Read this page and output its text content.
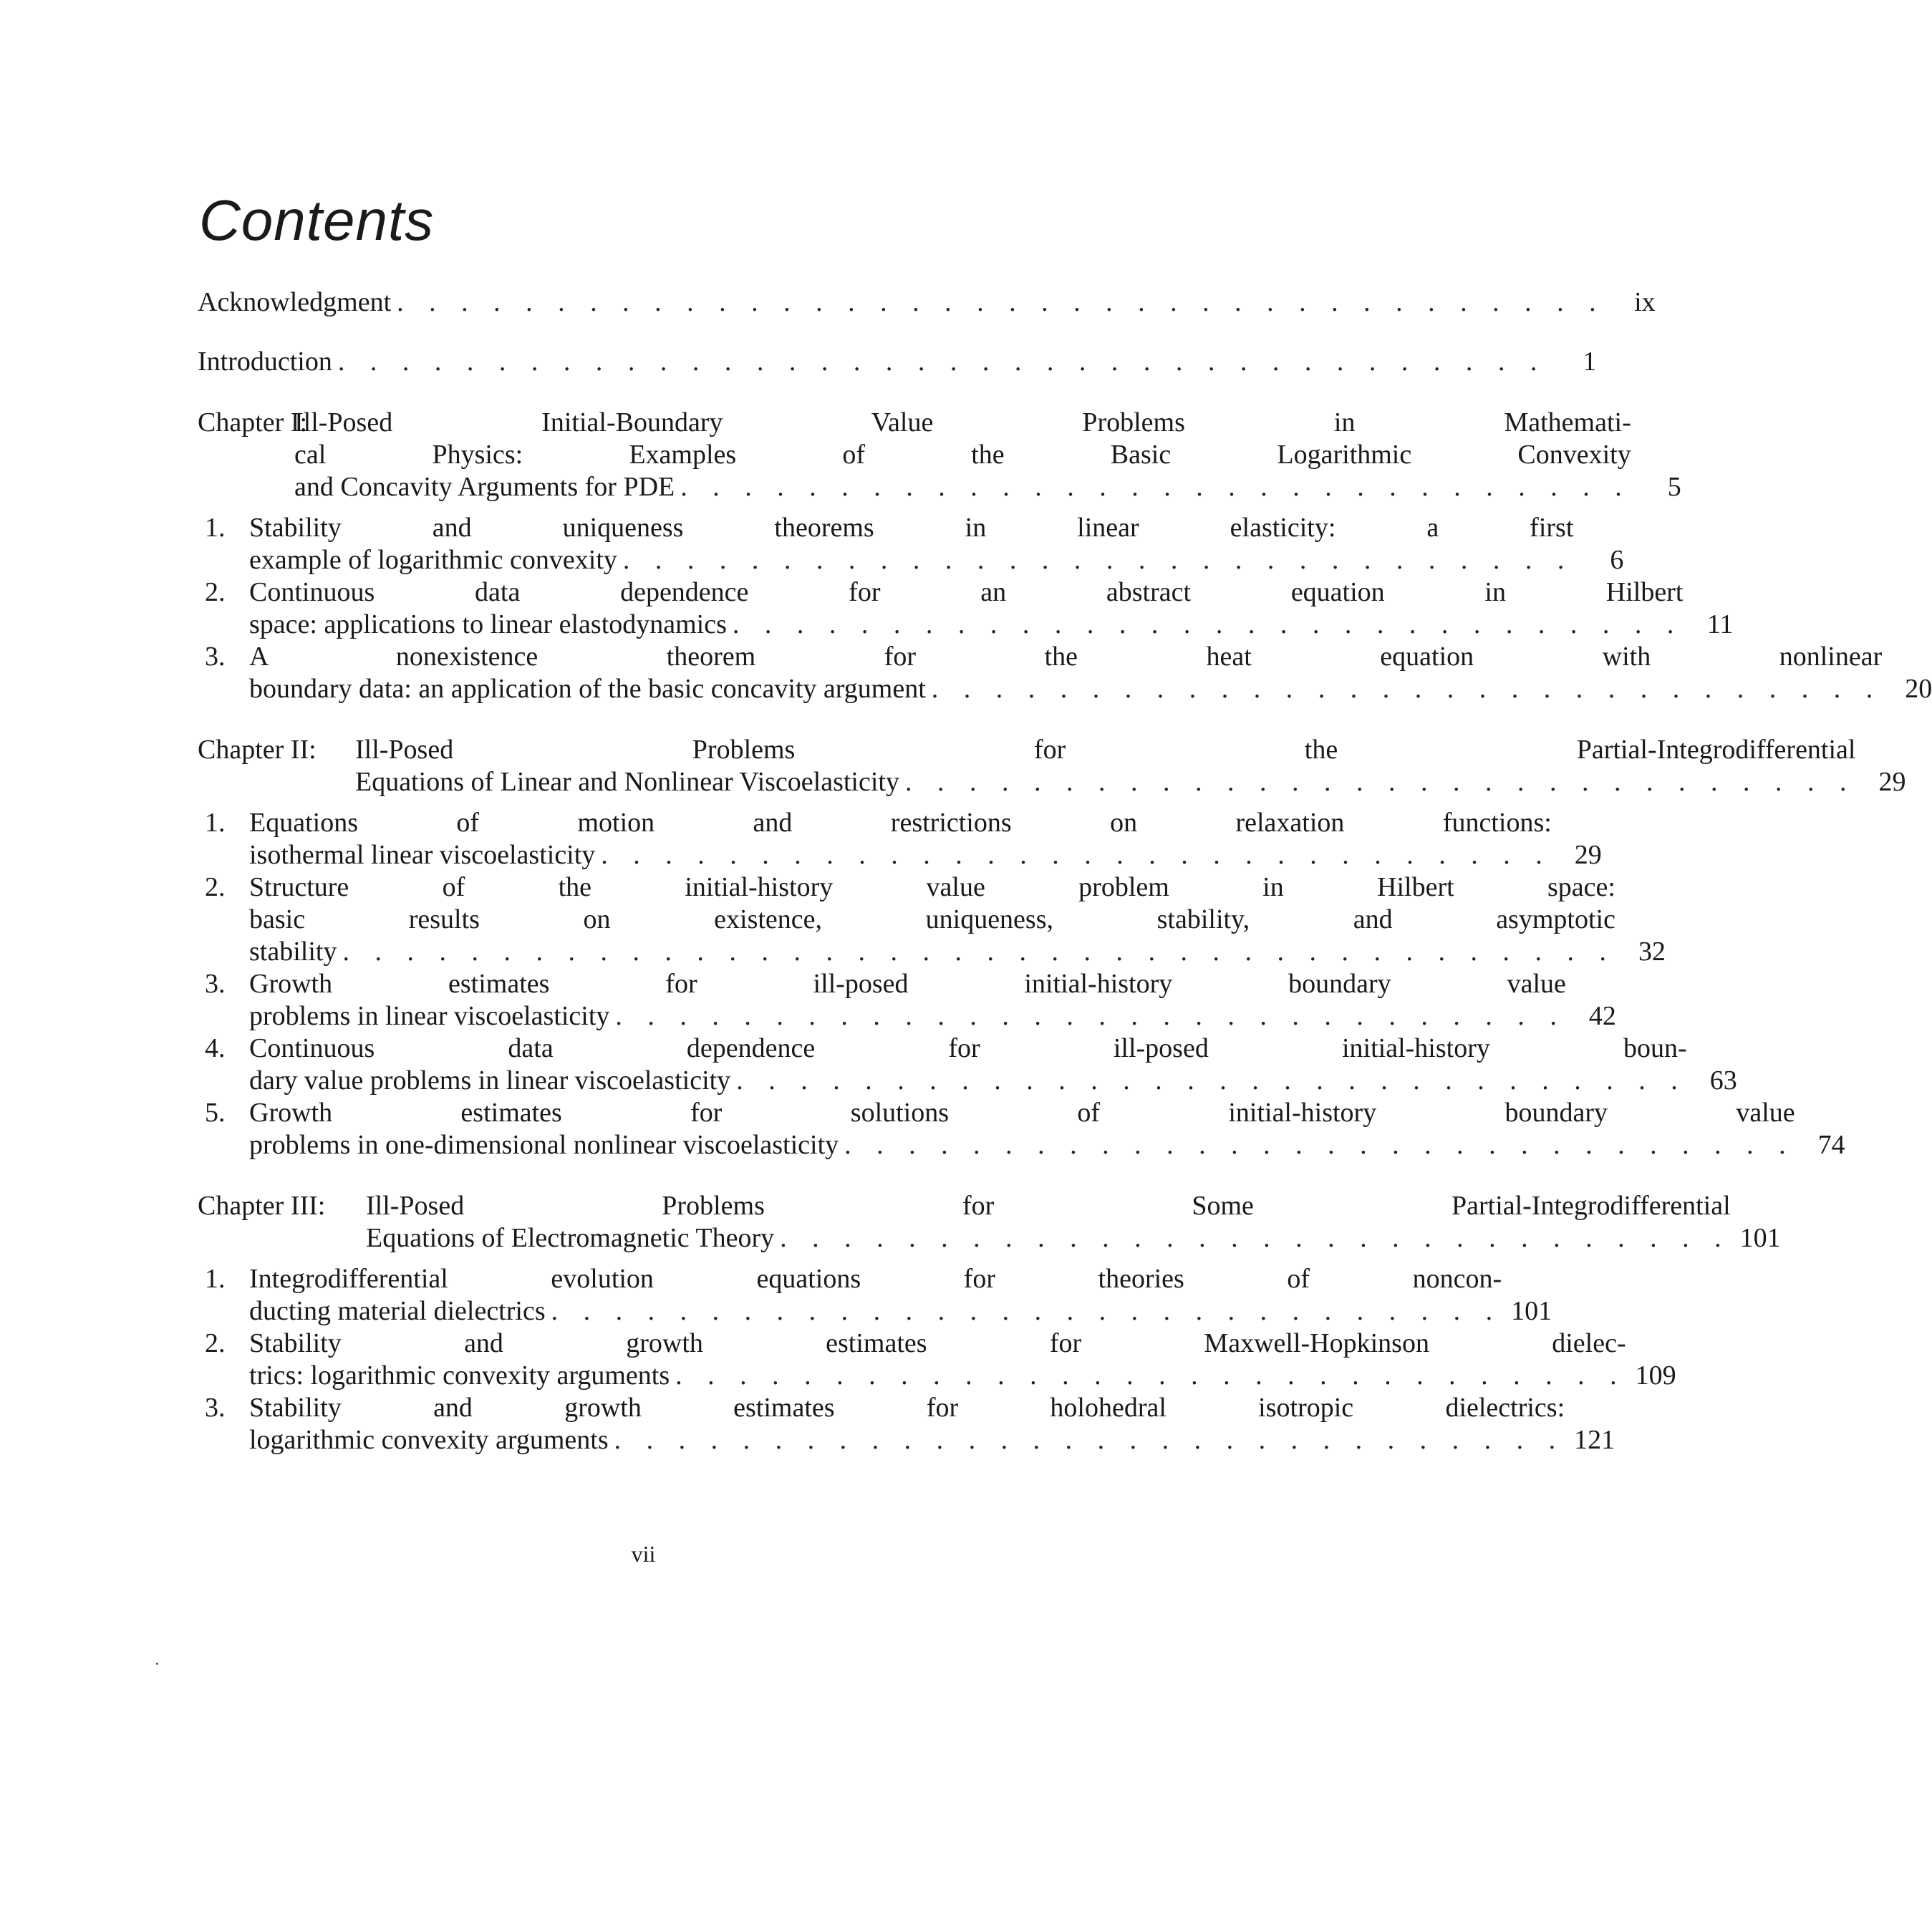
Contents
Acknowledgment . . . . . . . . . . . . . . . . . . . . . . . . . . . . . . . . . . . . . .	ix
Introduction . . . . . . . . . . . . . . . . . . . . . . . . . . . . . . . . . . . . . .	1
Chapter I:
Ill-Posed Initial-Boundary Value Problems in Mathemati-
cal Physics: Examples of the Basic Logarithmic Convexity
and Concavity Arguments for PDE . . . . . . . . . . . . . . . . . . . . . . . . . . . . . .	5
1. Stability and uniqueness theorems in linear elasticity: a first
example of logarithmic convexity . . . . . . . . . . . . . . . . . . . . . . . . . . . . . .	6
2. Continuous data dependence for an abstract equation in Hilbert
space: applications to linear elastodynamics . . . . . . . . . . . . . . . . . . . . . . . . . . . . . . 11
3. A nonexistence theorem for the heat equation with nonlinear
boundary data: an application of the basic concavity argument . . . . . . . . . . . . . . . . . . . . . . . . . . . . . . 20
Chapter II:	Ill-Posed Problems for the Partial-Integrodifferential
Equations of Linear and Nonlinear Viscoelasticity . . . . . . . . . . . . . . . . . . . . . . . . . . . . . . 29
1. Equations of motion and restrictions on relaxation functions:
isothermal linear viscoelasticity . . . . . . . . . . . . . . . . . . . . . . . . . . . . . . 29
2. Structure of the initial-history value problem in Hilbert space:
basic results on existence, uniqueness, stability, and asymptotic
stability . . . . . . . . . . . . . . . . . . . . . . . . . . . . . . . . . . . . . . . . 32
3. Growth estimates for ill-posed initial-history boundary value
problems in linear viscoelasticity . . . . . . . . . . . . . . . . . . . . . . . . . . . . . . 42
4. Continuous data dependence for ill-posed initial-history boun-
dary value problems in linear viscoelasticity . . . . . . . . . . . . . . . . . . . . . . . . . . . . . . 63
5. Growth estimates for solutions of initial-history boundary value
problems in one-dimensional nonlinear viscoelasticity . . . . . . . . . . . . . . . . . . . . . . . . . . . . . . 74
Chapter III:	Ill-Posed Problems for Some Partial-Integrodifferential
Equations of Electromagnetic Theory . . . . . . . . . . . . . . . . . . . . . . . . . . . . . . 101
1. Integrodifferential evolution equations for theories of noncon-
ducting material dielectrics . . . . . . . . . . . . . . . . . . . . . . . . . . . . . . 101
2. Stability and growth estimates for Maxwell-Hopkinson dielec-
trics: logarithmic convexity arguments . . . . . . . . . . . . . . . . . . . . . . . . . . . . . . 109
3. Stability and growth estimates for holohedral isotropic dielectrics:
logarithmic convexity arguments . . . . . . . . . . . . . . . . . . . . . . . . . . . . . . 121
vii
